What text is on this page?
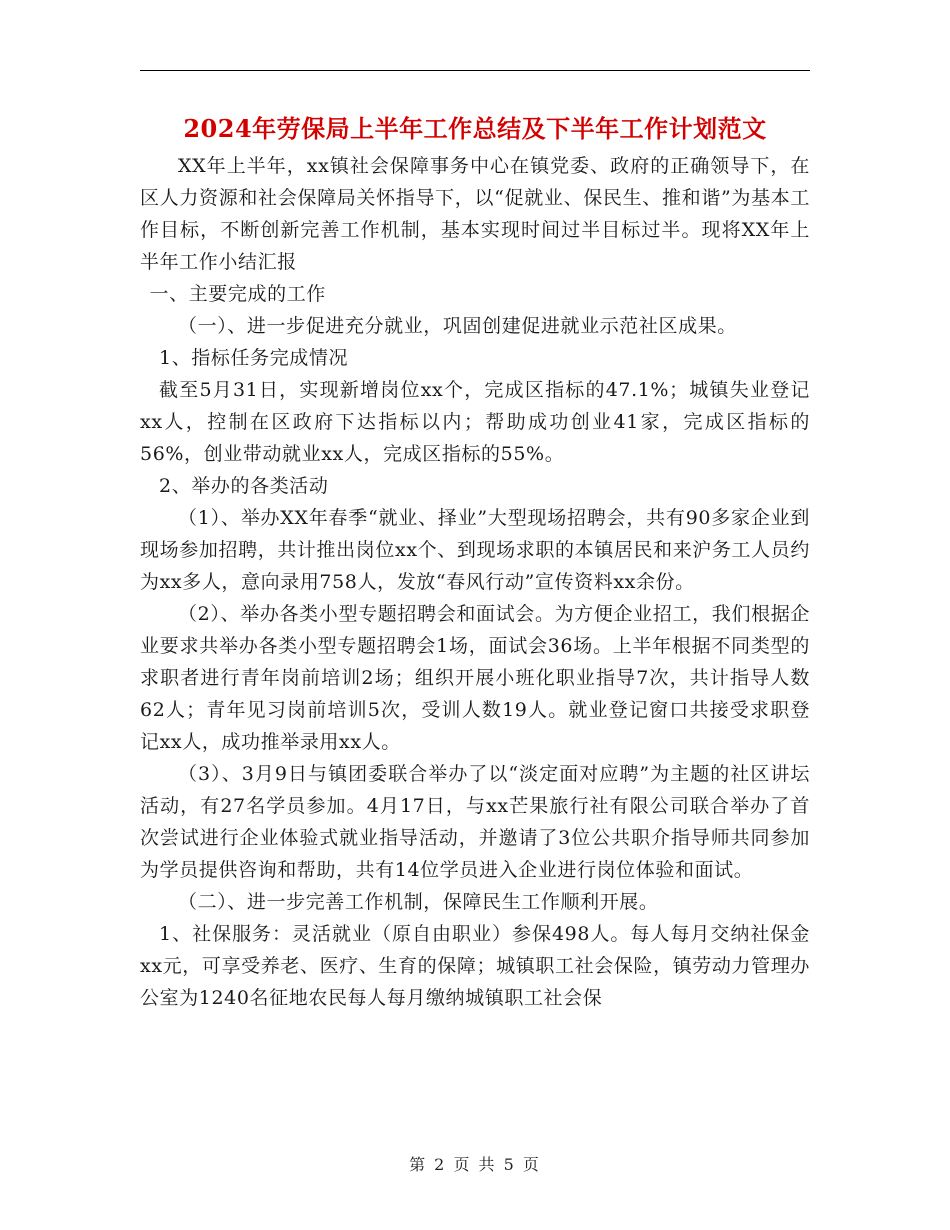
2024年劳保局上半年工作总结及下半年工作计划范文

XX年上半年，xx镇社会保障事务中心在镇党委、政府的正确领导下，在区人力资源和社会保障局关怀指导下，以“促就业、保民生、推和谐”为基本工作目标，不断创新完善工作机制，基本实现时间过半目标过半。现将XX年上半年工作小结汇报

一、主要完成的工作

（一）、进一步促进充分就业，巩固创建促进就业示范社区成果。

1、指标任务完成情况

截至5月31日，实现新增岗位xx个，完成区指标的47.1%；城镇失业登记xx人，控制在区政府下达指标以内；帮助成功创业41家，完成区指标的56%，创业带动就业xx人，完成区指标的55%。

2、举办的各类活动

（1）、举办XX年春季“就业、择业”大型现场招聘会，共有90多家企业到现场参加招聘，共计推出岗位xx个、到现场求职的本镇居民和来沪务工人员约为xx多人，意向录用758人，发放“春风行动”宣传资料xx余份。

（2）、举办各类小型专题招聘会和面试会。为方便企业招工，我们根据企业要求共举办各类小型专题招聘会1场，面试会36场。上半年根据不同类型的求职者进行青年岗前培训2场；组织开展小班化职业指导7次，共计指导人数62人；青年见习岗前培训5次，受训人数19人。就业登记窗口共接受求职登记xx人，成功推举录用xx人。

（3）、3月9日与镇团委联合举办了以“淡定面对应聘”为主题的社区讲坛活动，有27名学员参加。4月17日，与xx芒果旅行社有限公司联合举办了首次尝试进行企业体验式就业指导活动，并邀请了3位公共职介指导师共同参加为学员提供咨询和帮助，共有14位学员进入企业进行岗位体验和面试。

（二）、进一步完善工作机制，保障民生工作顺利开展。

1、社保服务：灵活就业（原自由职业）参保498人。每人每月交纳社保金xx元，可享受养老、医疗、生育的保障；城镇职工社会保险，镇劳动力管理办公室为1240名征地农民每人每月缴纳城镇职工社会保

第 2 页 共 5 页
